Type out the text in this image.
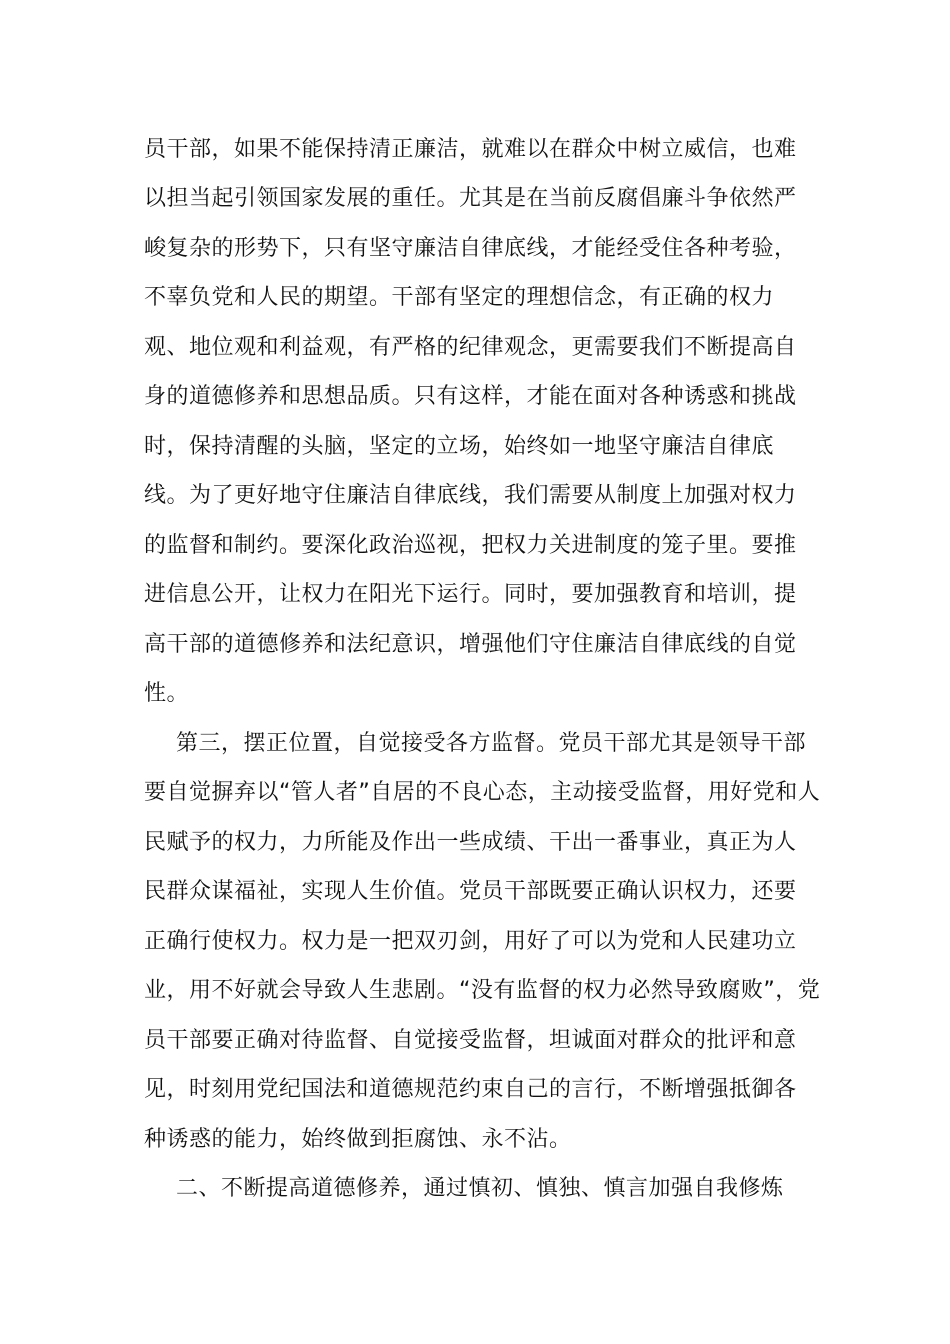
员干部，如果不能保持清正廉洁，就难以在群众中树立威信，也难
以担当起引领国家发展的重任。尤其是在当前反腐倡廉斗争依然严
峻复杂的形势下，只有坚守廉洁自律底线，才能经受住各种考验，
不辜负党和人民的期望。干部有坚定的理想信念，有正确的权力
观、地位观和利益观，有严格的纪律观念，更需要我们不断提高自
身的道德修养和思想品质。只有这样，才能在面对各种诱惑和挑战
时，保持清醒的头脑，坚定的立场，始终如一地坚守廉洁自律底
线。为了更好地守住廉洁自律底线，我们需要从制度上加强对权力
的监督和制约。要深化政治巡视，把权力关进制度的笼子里。要推
进信息公开，让权力在阳光下运行。同时，要加强教育和培训，提
高干部的道德修养和法纪意识，增强他们守住廉洁自律底线的自觉
性。
第三，摆正位置，自觉接受各方监督。党员干部尤其是领导干部
要自觉摒弃以“管人者”自居的不良心态，主动接受监督，用好党和人
民赋予的权力，力所能及作出一些成绩、干出一番事业，真正为人
民群众谋福祉，实现人生价值。党员干部既要正确认识权力，还要
正确行使权力。权力是一把双刃剑，用好了可以为党和人民建功立
业，用不好就会导致人生悲剧。“没有监督的权力必然导致腐败”，党
员干部要正确对待监督、自觉接受监督，坦诚面对群众的批评和意
见，时刻用党纪国法和道德规范约束自己的言行，不断增强抵御各
种诱惑的能力，始终做到拒腐蚀、永不沾。
二、不断提高道德修养，通过慎初、慎独、慎言加强自我修炼
